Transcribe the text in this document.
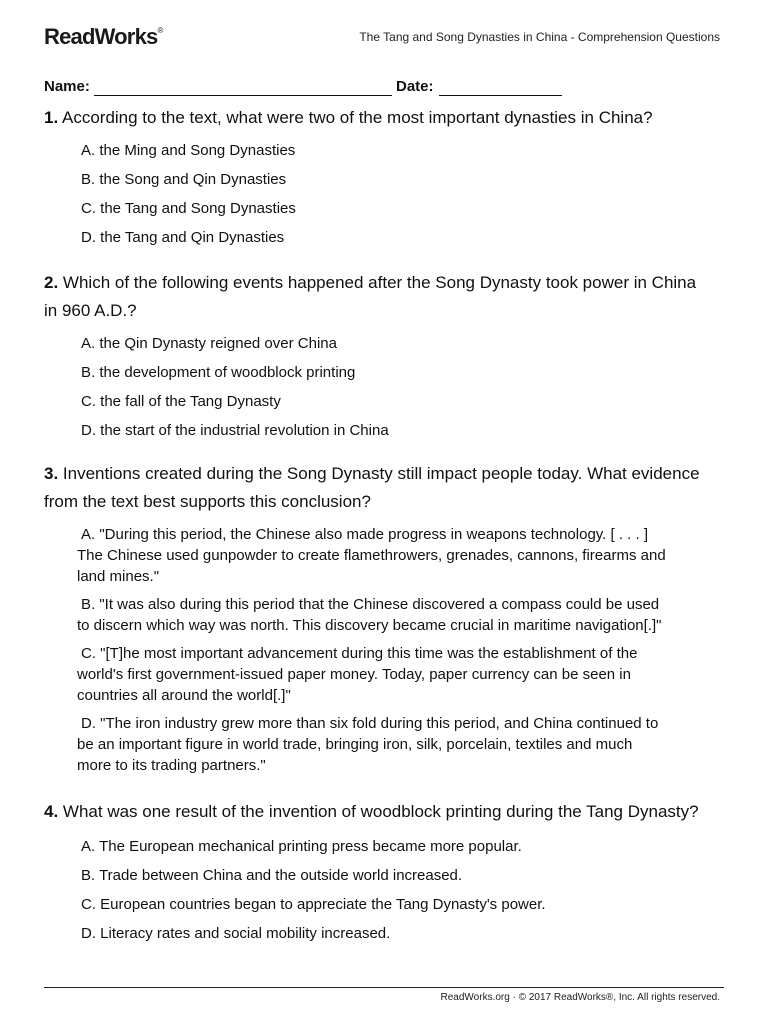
ReadWorks®	The Tang and Song Dynasties in China - Comprehension Questions
Name:	Date:
1. According to the text, what were two of the most important dynasties in China?
A. the Ming and Song Dynasties
B. the Song and Qin Dynasties
C. the Tang and Song Dynasties
D. the Tang and Qin Dynasties
2. Which of the following events happened after the Song Dynasty took power in China
in 960 A.D.?
A. the Qin Dynasty reigned over China
B. the development of woodblock printing
C. the fall of the Tang Dynasty
D. the start of the industrial revolution in China
3. Inventions created during the Song Dynasty still impact people today. What evidence
from the text best supports this conclusion?
A. "During this period, the Chinese also made progress in weapons technology. [ . . . ]
The Chinese used gunpowder to create flamethrowers, grenades, cannons, firearms and
land mines."
B. "It was also during this period that the Chinese discovered a compass could be used
to discern which way was north. This discovery became crucial in maritime navigation[.]"
C. "[T]he most important advancement during this time was the establishment of the
world's first government-issued paper money. Today, paper currency can be seen in
countries all around the world[.]"
D. "The iron industry grew more than six fold during this period, and China continued to
be an important figure in world trade, bringing iron, silk, porcelain, textiles and much
more to its trading partners."
4. What was one result of the invention of woodblock printing during the Tang Dynasty?
A. The European mechanical printing press became more popular.
B. Trade between China and the outside world increased.
C. European countries began to appreciate the Tang Dynasty's power.
D. Literacy rates and social mobility increased.
ReadWorks.org · © 2017 ReadWorks®, Inc. All rights reserved.
